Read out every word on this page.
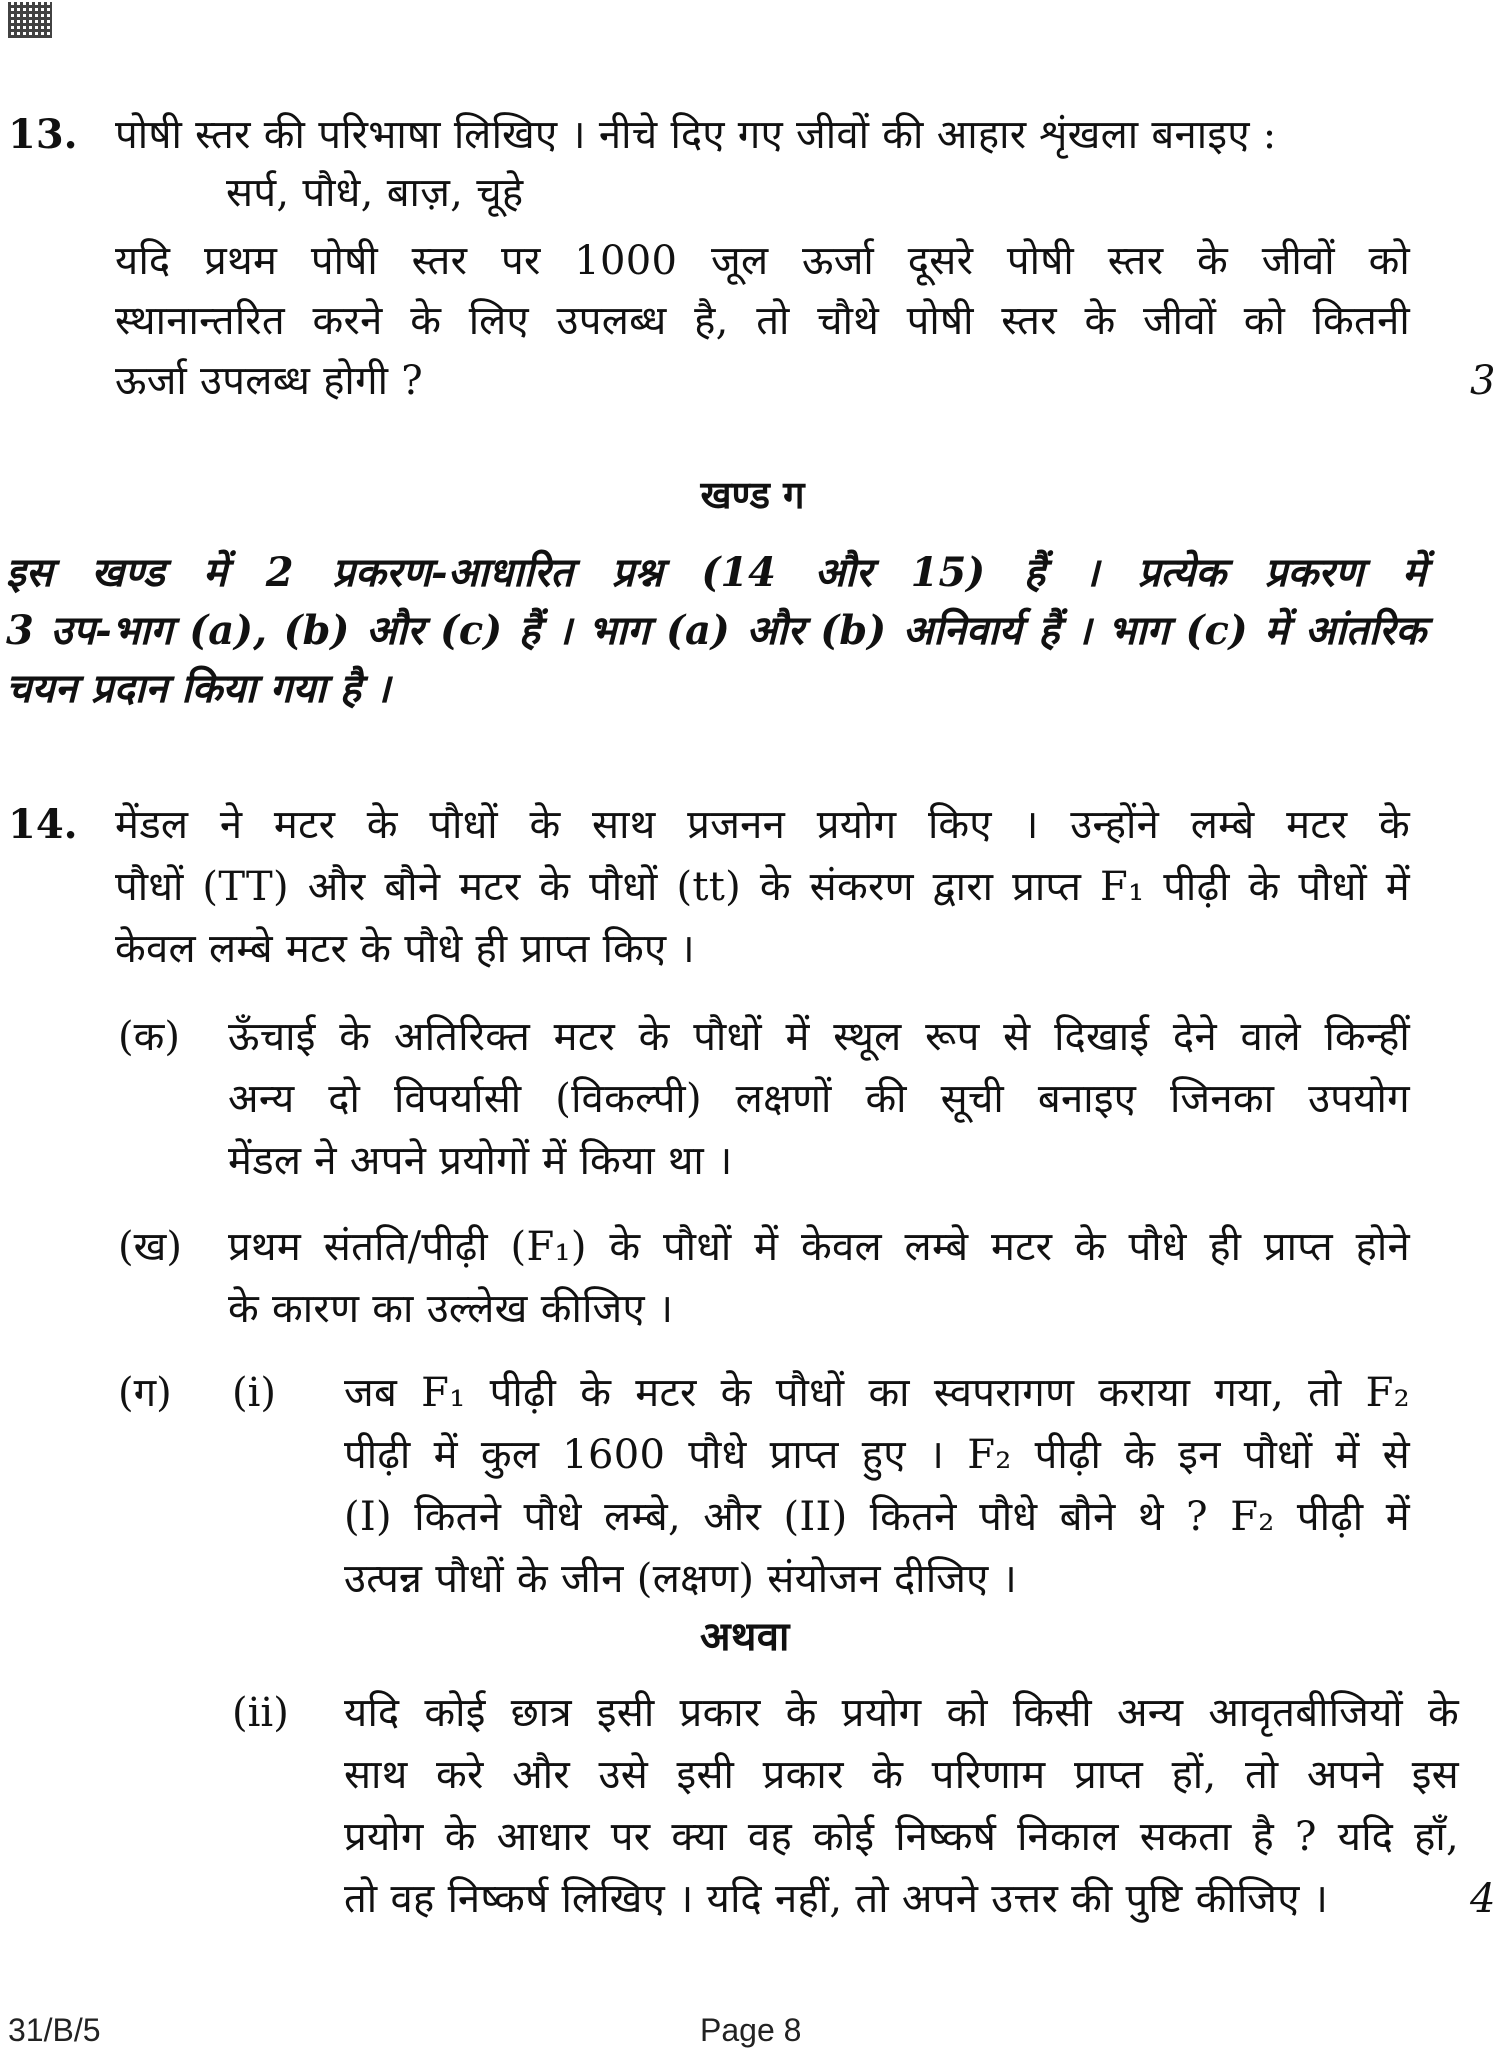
13. पोषी स्तर की परिभाषा लिखिए । नीचे दिए गए जीवों की आहार शृंखला बनाइए :
सर्प, पौधे, बाज़, चूहे
यदि प्रथम पोषी स्तर पर 1000 जूल ऊर्जा दूसरे पोषी स्तर के जीवों को
स्थानान्तरित करने के लिए उपलब्ध है, तो चौथे पोषी स्तर के जीवों को कितनी
ऊर्जा उपलब्ध होगी ?	3
खण्ड ग
इस खण्ड में 2 प्रकरण-आधारित प्रश्न (14 और 15) हैं । प्रत्येक प्रकरण में
3 उप-भाग (a), (b) और (c) हैं । भाग (a) और (b) अनिवार्य हैं । भाग (c) में आंतरिक
चयन प्रदान किया गया है ।
14. मेंडल ने मटर के पौधों के साथ प्रजनन प्रयोग किए । उन्होंने लम्बे मटर के
पौधों (TT) और बौने मटर के पौधों (tt) के संकरण द्वारा प्राप्त F₁ पीढ़ी के पौधों में
केवल लम्बे मटर के पौधे ही प्राप्त किए ।
(क) ऊँचाई के अतिरिक्त मटर के पौधों में स्थूल रूप से दिखाई देने वाले किन्हीं
अन्य दो विपर्यासी (विकल्पी) लक्षणों की सूची बनाइए जिनका उपयोग
मेंडल ने अपने प्रयोगों में किया था ।
(ख) प्रथम संतति/पीढ़ी (F₁) के पौधों में केवल लम्बे मटर के पौधे ही प्राप्त होने
के कारण का उल्लेख कीजिए ।
(ग) (i) जब F₁ पीढ़ी के मटर के पौधों का स्वपरागण कराया गया, तो F₂
पीढ़ी में कुल 1600 पौधे प्राप्त हुए । F₂ पीढ़ी के इन पौधों में से
(I) कितने पौधे लम्बे, और (II) कितने पौधे बौने थे ? F₂ पीढ़ी में
उत्पन्न पौधों के जीन (लक्षण) संयोजन दीजिए ।
अथवा
(ii) यदि कोई छात्र इसी प्रकार के प्रयोग को किसी अन्य आवृतबीजियों के
साथ करे और उसे इसी प्रकार के परिणाम प्राप्त हों, तो अपने इस
प्रयोग के आधार पर क्या वह कोई निष्कर्ष निकाल सकता है ? यदि हाँ,
तो वह निष्कर्ष लिखिए । यदि नहीं, तो अपने उत्तर की पुष्टि कीजिए ।	4
31/B/5	Page 8
